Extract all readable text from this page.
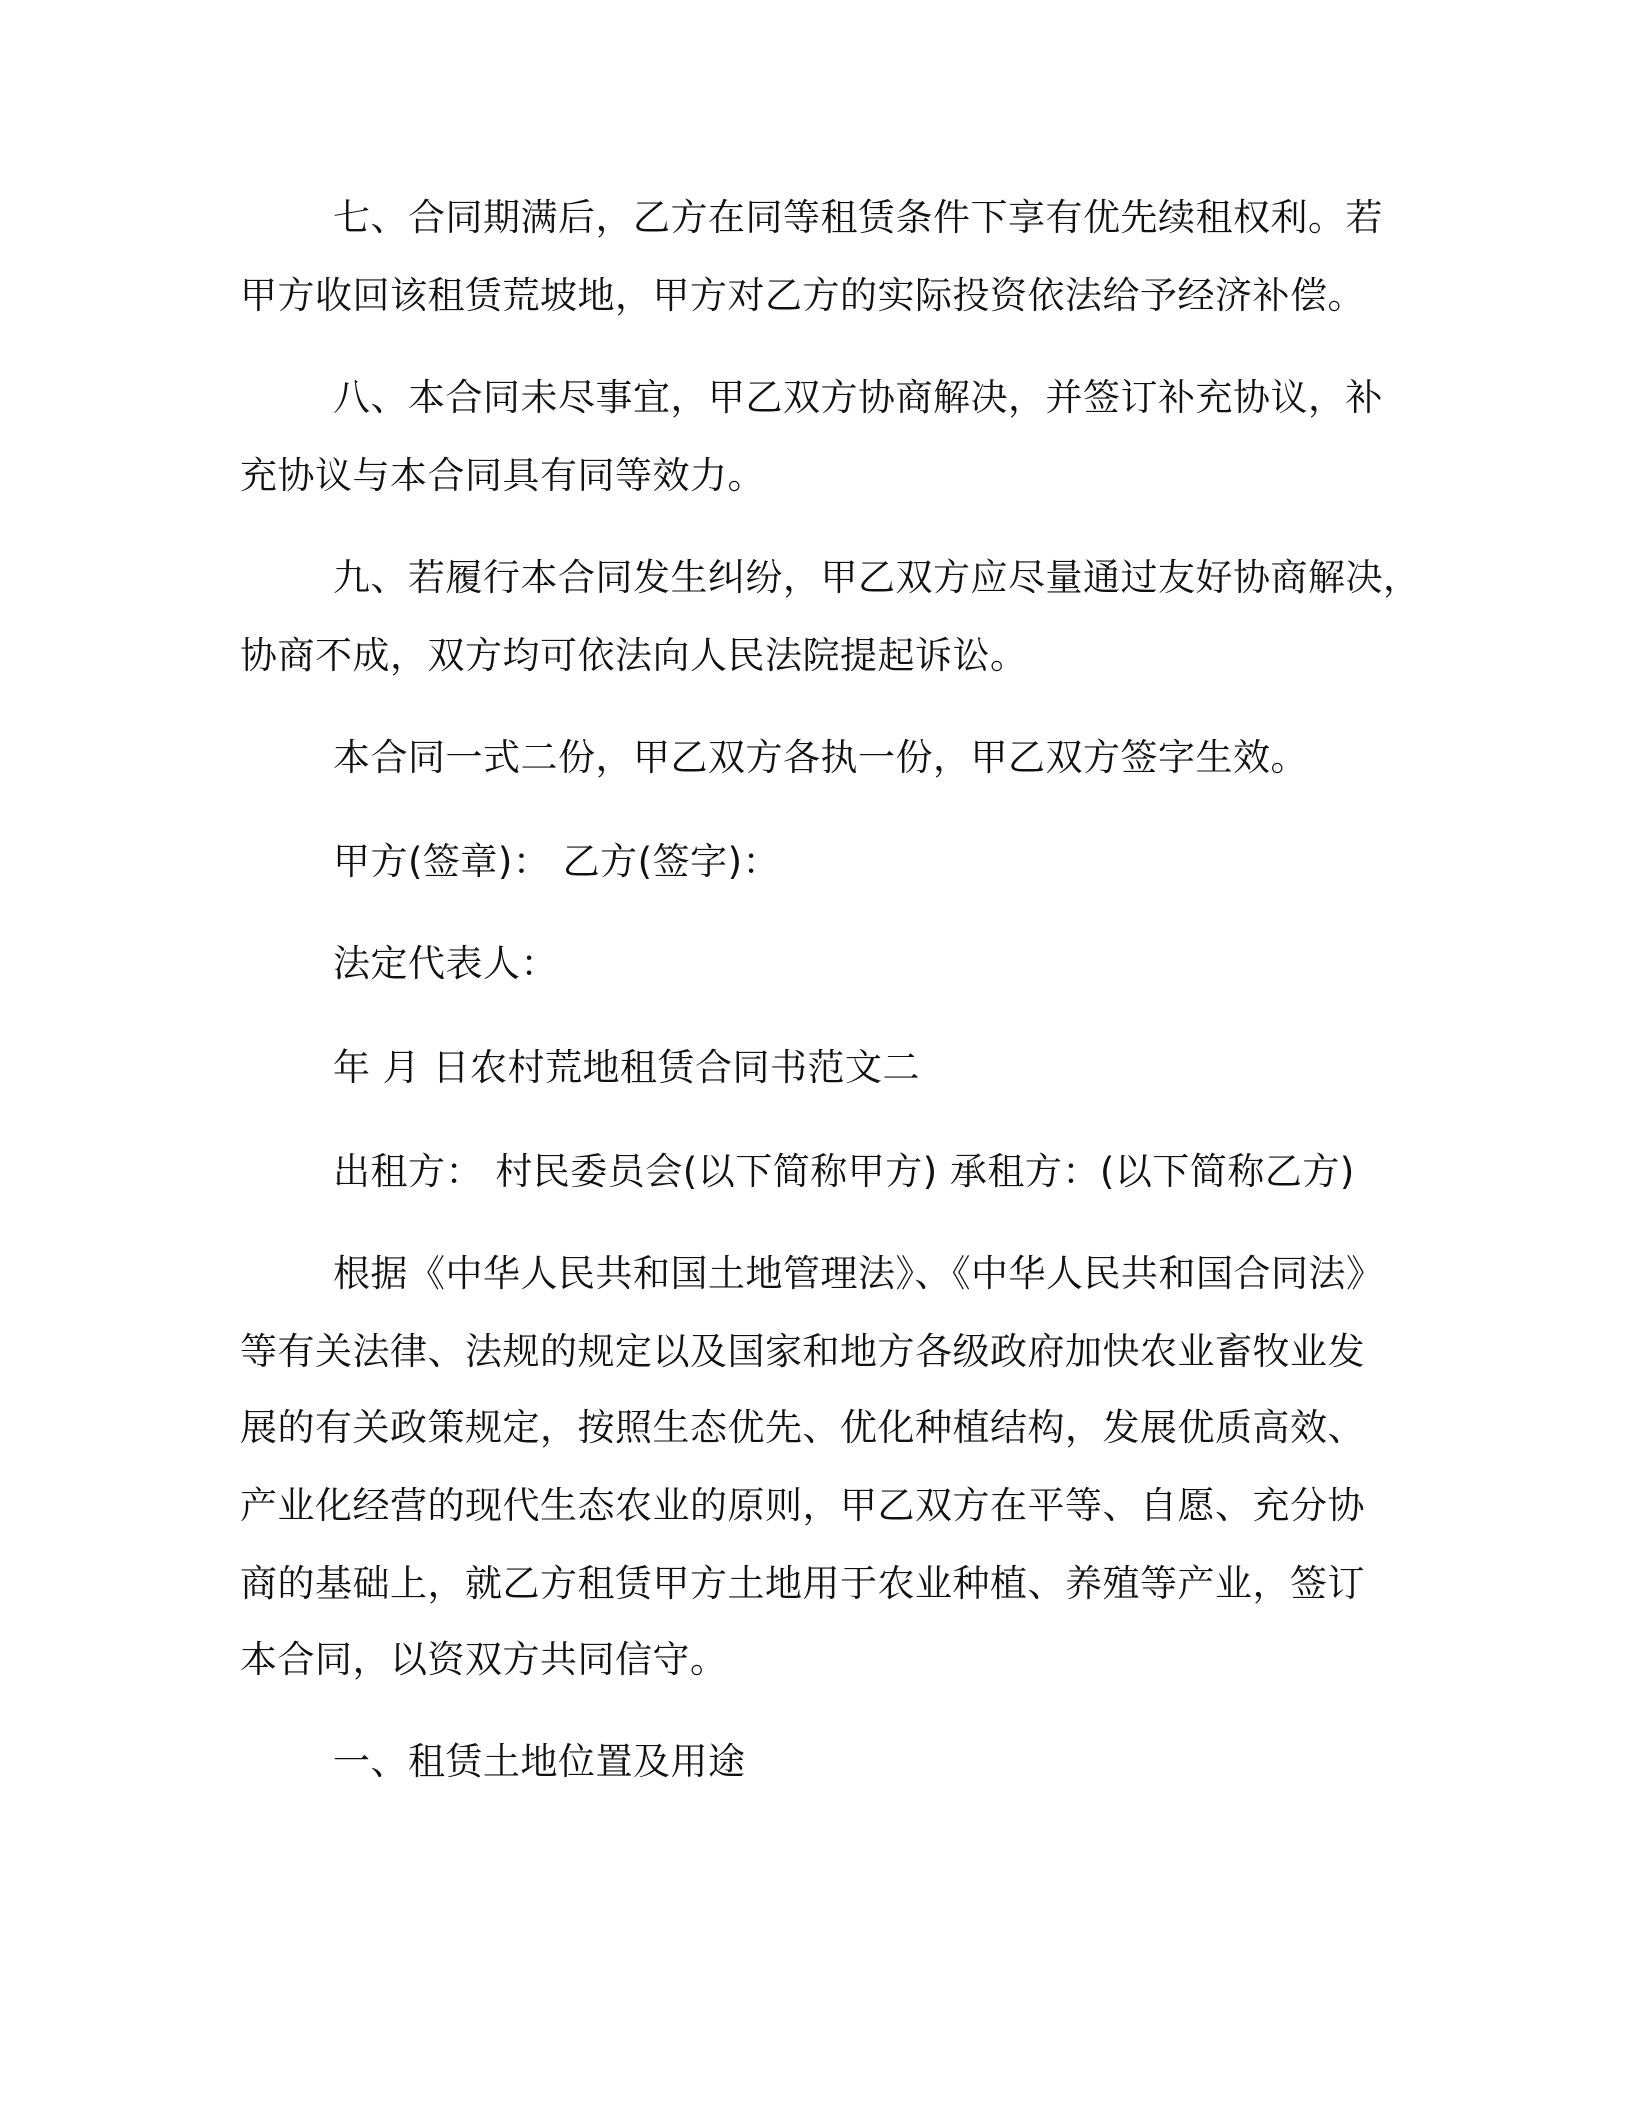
七、合同期满后，乙方在同等租赁条件下享有优先续租权利。若
甲方收回该租赁荒坡地，甲方对乙方的实际投资依法给予经济补偿。
八、本合同未尽事宜，甲乙双方协商解决，并签订补充协议，补
充协议与本合同具有同等效力。
九、若履行本合同发生纠纷，甲乙双方应尽量通过友好协商解决，
协商不成，双方均可依法向人民法院提起诉讼。
本合同一式二份，甲乙双方各执一份，甲乙双方签字生效。
甲方(签章)： 乙方(签字)：
法定代表人：
年 月 日农村荒地租赁合同书范文二
出租方： 村民委员会(以下简称甲方) 承租方：(以下简称乙方)
根据《中华人民共和国土地管理法》、《中华人民共和国合同法》
等有关法律、法规的规定以及国家和地方各级政府加快农业畜牧业发
展的有关政策规定，按照生态优先、优化种植结构，发展优质高效、
产业化经营的现代生态农业的原则，甲乙双方在平等、自愿、充分协
商的基础上，就乙方租赁甲方土地用于农业种植、养殖等产业，签订
本合同，以资双方共同信守。
一、租赁土地位置及用途
